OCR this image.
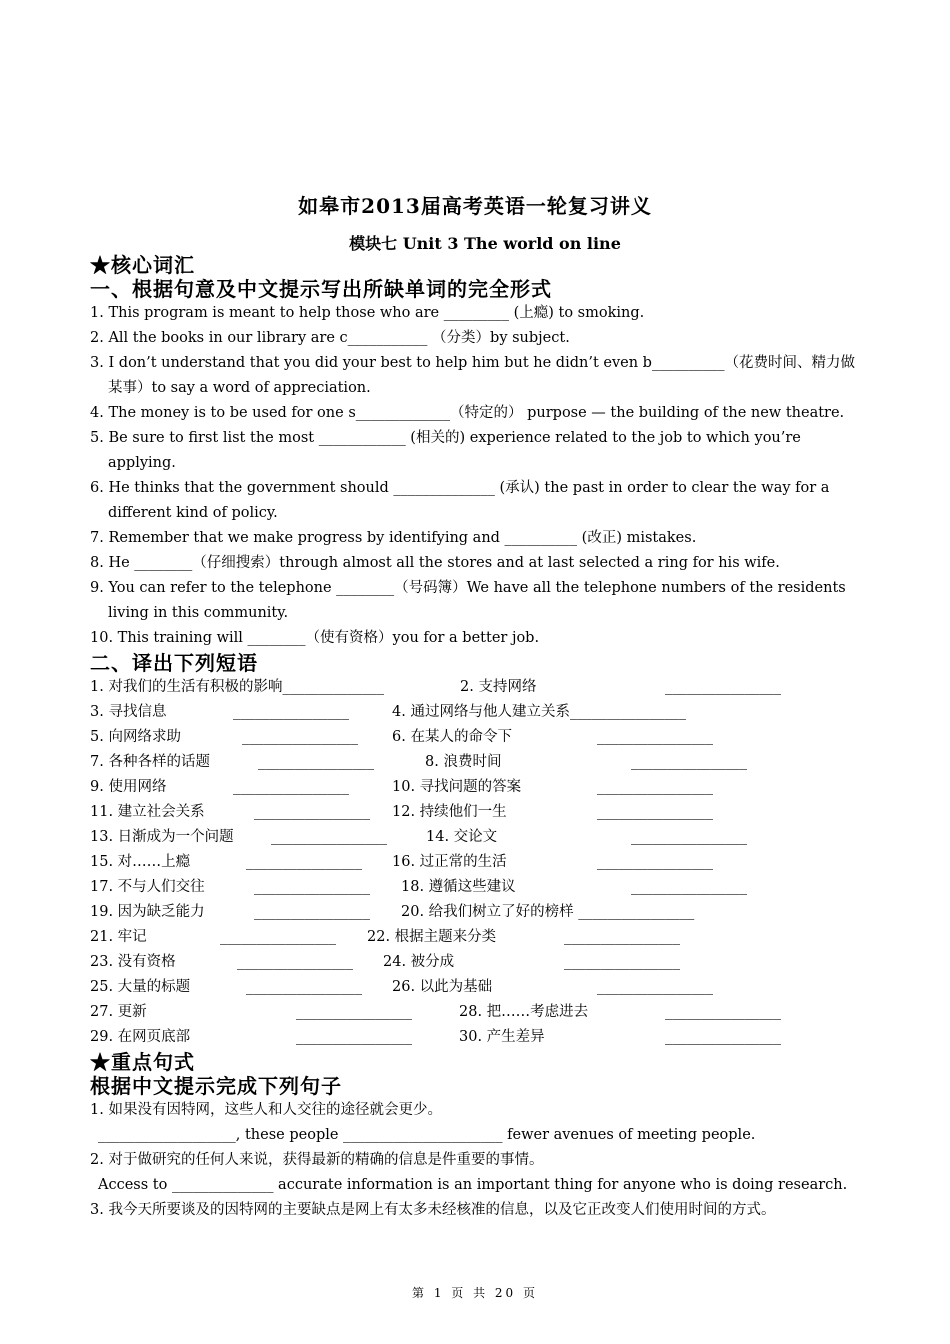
如皋市2013届高考英语一轮复习讲义
模块七 Unit 3 The world on line
★核心词汇
一、根据句意及中文提示写出所缺单词的完全形式
1. This program is meant to help those who are _________ (上瘾) to smoking.
2. All the books in our library are c___________ （分类）by subject.
3. I don’t understand that you did your best to help him but he didn’t even b__________（花费时间、精力做某事）to say a word of appreciation.
4. The money is to be used for one s_____________（特定的） purpose — the building of the new theatre.
5. Be sure to first list the most ____________ (相关的) experience related to the job to which you’re applying.
6. He thinks that the government should ______________ (承认) the past in order to clear the way for a different kind of policy.
7. Remember that we make progress by identifying and __________ (改正) mistakes.
8. He ________（仔细搜索）through almost all the stores and at last selected a ring for his wife.
9. You can refer to the telephone ________（号码簿）We have all the telephone numbers of the residents living in this community.
10. This training will ________（使有资格）you for a better job.
二、译出下列短语
1. 对我们的生活有积极的影响______________	2. 支持网络	________________
3. 寻找信息	________________	4. 通过网络与他人建立关系________________
5. 向网络求助	________________ 6. 在某人的命令下	________________
7. 各种各样的话题	________________	8. 浪费时间	________________
9. 使用网络	________________	10. 寻找问题的答案	________________
11. 建立社会关系	________________ 12. 持续他们一生	________________
13. 日渐成为一个问题	________________	14. 交论文	________________
15. 对……上瘾	________________ 16. 过正常的生活	________________
17. 不与人们交往	________________ 18. 遵循这些建议	________________
19. 因为缺乏能力	________________ 20. 给我们树立了好的榜样 ________________
21. 牢记	________________ 22. 根据主题来分类	________________
23. 没有资格	________________ 24. 被分成	________________
25. 大量的标题	________________ 26. 以此为基础	________________
27. 更新	________________	28. 把……考虑进去	________________
29. 在网页底部	________________	30. 产生差异	________________
★重点句式
根据中文提示完成下列句子
1. 如果没有因特网，这些人和人交往的途径就会更少。
___________________, these people ______________________ fewer avenues of meeting people.
2. 对于做研究的任何人来说，获得最新的精确的信息是件重要的事情。
Access to ______________ accurate information is an important thing for anyone who is doing research.
3. 我今天所要谈及的因特网的主要缺点是网上有太多未经核准的信息，以及它正改变人们使用时间的方式。
第 1 页 共 20 页
